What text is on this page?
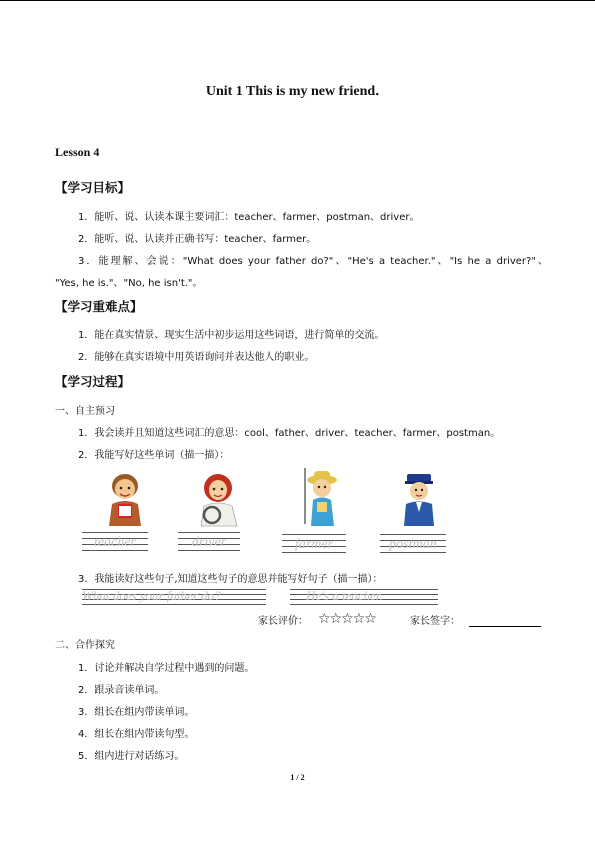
Unit 1 This is my new friend．
Lesson 4
【学习目标】
1．能听、说、认读本课主要词汇：teacher、farmer、postman、driver。
2．能听、说、认读并正确书写：teacher、farmer。
3．能理解、会说："What does your father do?"、"He's a teacher."、"Is he a driver?"、
"Yes, he is."、"No, he isn't."。
【学习重难点】
1．能在真实情景、现实生活中初步运用这些词语，进行简单的交流。
2．能够在真实语境中用英语询问并表达他人的职业。
【学习过程】
一、自主预习
1．我会读并且知道这些词汇的意思：cool、father、driver、teacher、farmer、postman。
2．我能写好这些单词（描一描）：
teacher	driver	farmer	postman
3．我能读好这些句子,知道这些句子的意思并能写好句子（描一描）：
What does your father do?	He's a teacher.
家长评价： ☆☆☆☆☆	家长签字：
二、合作探究
1．讨论并解决自学过程中遇到的问题。
2．跟录音读单词。
3．组长在组内带读单词。
4．组长在组内带读句型。
5．组内进行对话练习。
1 / 2
